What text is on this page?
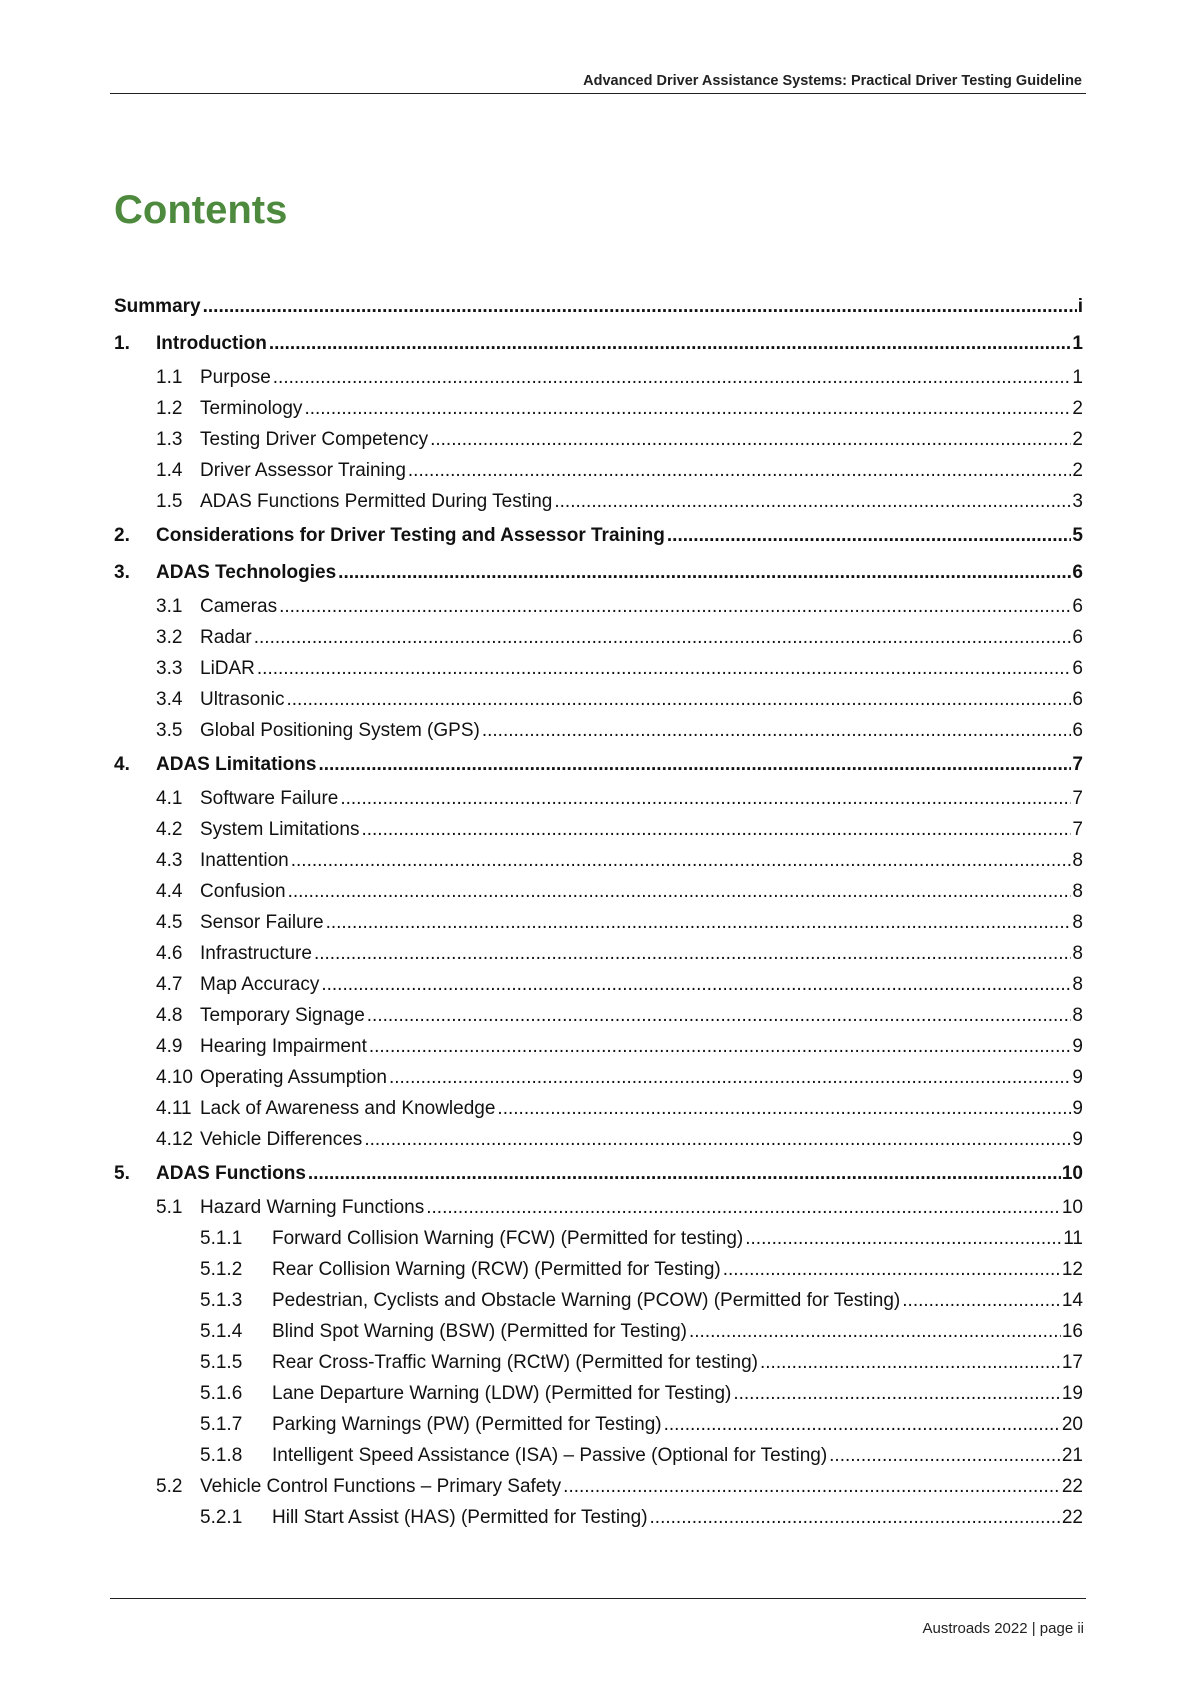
Advanced Driver Assistance Systems: Practical Driver Testing Guideline
Contents
Summary .....	i
1.	Introduction .....	1
1.1 Purpose .....	1
1.2 Terminology .....	2
1.3 Testing Driver Competency .....	2
1.4 Driver Assessor Training .....	2
1.5 ADAS Functions Permitted During Testing .....	3
2.	Considerations for Driver Testing and Assessor Training .....	5
3.	ADAS Technologies .....	6
3.1 Cameras .....	6
3.2 Radar .....	6
3.3 LiDAR .....	6
3.4 Ultrasonic .....	6
3.5 Global Positioning System (GPS) .....	6
4.	ADAS Limitations .....	7
4.1 Software Failure .....	7
4.2 System Limitations .....	7
4.3 Inattention .....	8
4.4 Confusion .....	8
4.5 Sensor Failure .....	8
4.6 Infrastructure .....	8
4.7 Map Accuracy .....	8
4.8 Temporary Signage .....	8
4.9 Hearing Impairment .....	9
4.10 Operating Assumption .....	9
4.11 Lack of Awareness and Knowledge .....	9
4.12 Vehicle Differences .....	9
5.	ADAS Functions .....	10
5.1 Hazard Warning Functions .....	10
5.1.1	Forward Collision Warning (FCW) (Permitted for testing) .....	11
5.1.2	Rear Collision Warning (RCW) (Permitted for Testing) .....	12
5.1.3	Pedestrian, Cyclists and Obstacle Warning (PCOW) (Permitted for Testing) .....	14
5.1.4	Blind Spot Warning (BSW) (Permitted for Testing) .....	16
5.1.5	Rear Cross-Traffic Warning (RCtW) (Permitted for testing) .....	17
5.1.6	Lane Departure Warning (LDW) (Permitted for Testing) .....	19
5.1.7	Parking Warnings (PW) (Permitted for Testing) .....	20
5.1.8	Intelligent Speed Assistance (ISA) – Passive (Optional for Testing) .....	21
5.2 Vehicle Control Functions – Primary Safety .....	22
5.2.1	Hill Start Assist (HAS) (Permitted for Testing) .....	22
Austroads 2022 | page ii
